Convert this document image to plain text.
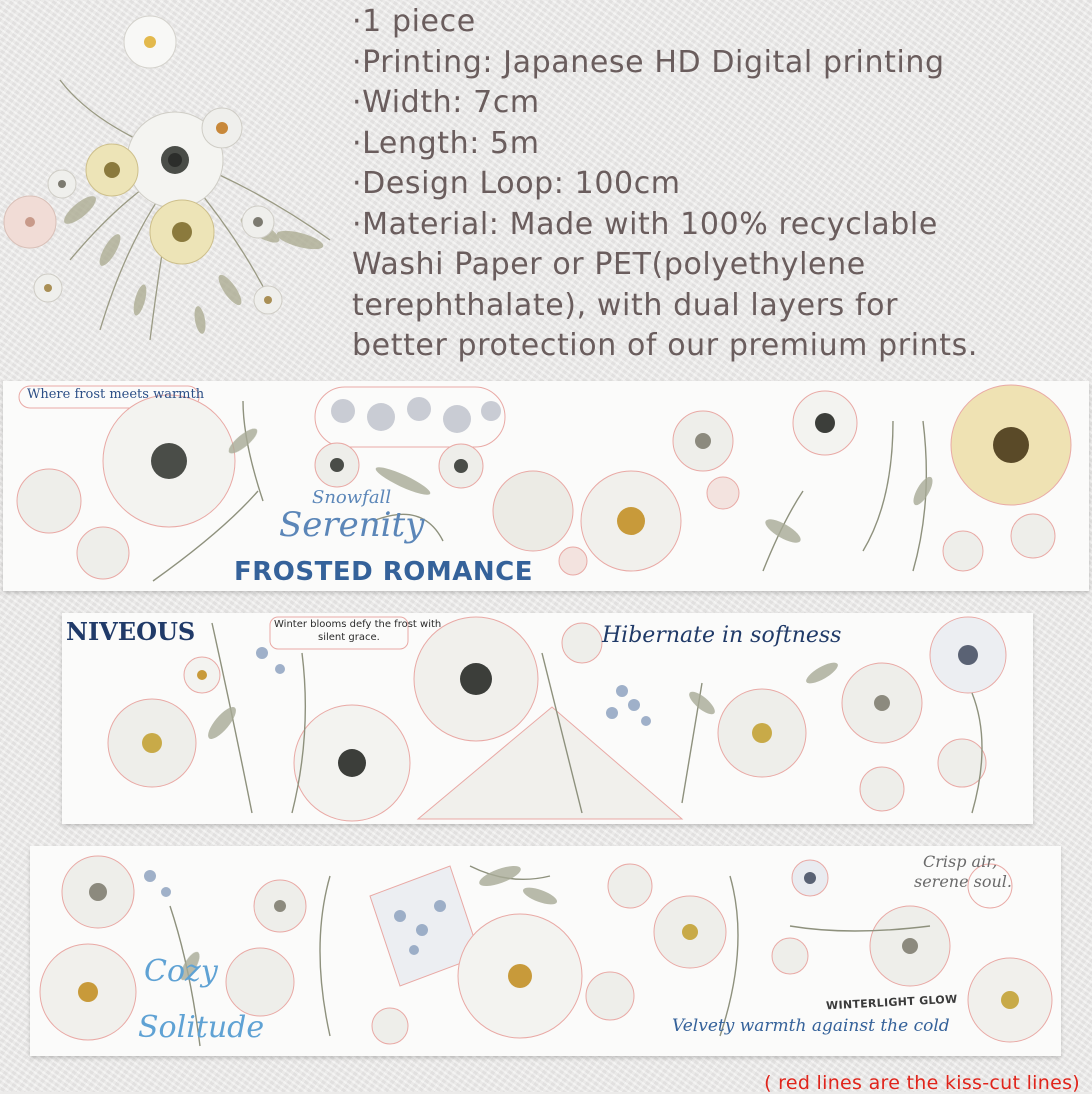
·1 piece
·Printing: Japanese HD Digital printing
·Width: 7cm
·Length: 5m
·Design Loop: 100cm
·Material: Made with 100% recyclable
Washi Paper or PET(polyethylene
terephthalate), with dual layers for
better protection of our premium prints.
Where frost meets warmth
Snowfall
Serenity
FROSTED ROMANCE
NIVEOUS	Winter blooms defy the frost with
silent grace.	Hibernate in softness
Crisp air,
serene soul.
Cozy
Solitude
WINTERLIGHT GLOW
Velvety warmth against the cold
( red lines are the kiss-cut lines)
